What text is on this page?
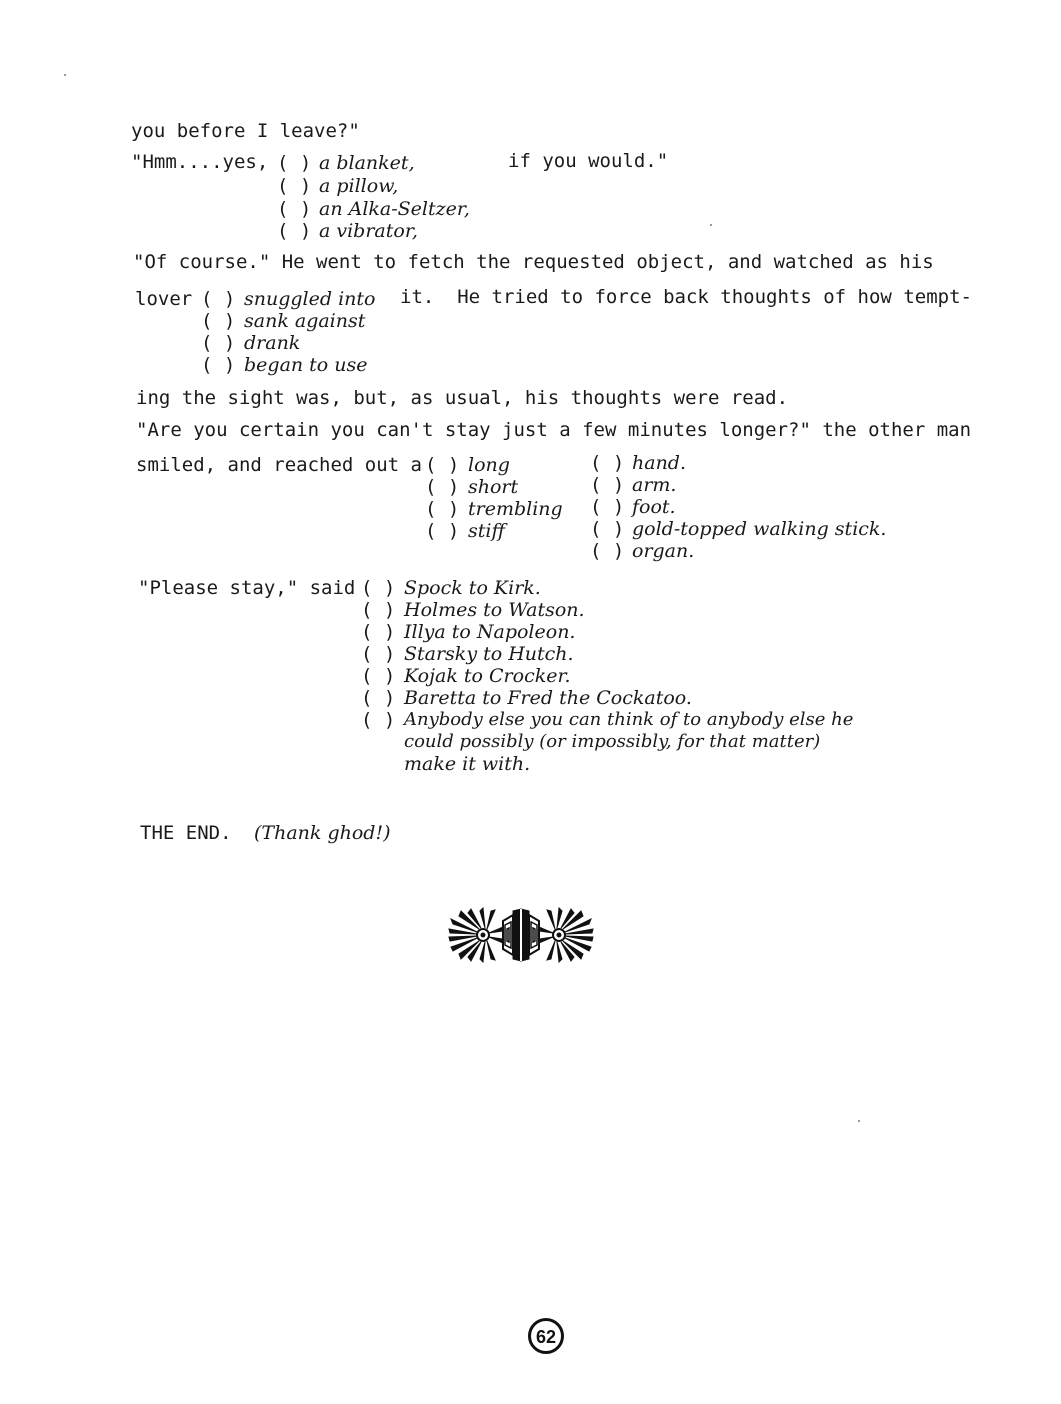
you before I leave?"
"Hmm....yes, ( ) a blanket,	if you would."
( ) a pillow,
( ) an Alka-Seltzer,
( ) a vibrator,
"Of course." He went to fetch the requested object, and watched as his
lover ( ) snuggled into it.  He tried to force back thoughts of how tempt-
( ) sank against
( ) drank
( ) began to use
ing the sight was, but, as usual, his thoughts were read.
"Are you certain you can't stay just a few minutes longer?" the other man
smiled, and reached out a ( ) long
( ) short
( ) trembling
( ) stiff
( ) hand.
( ) arm.
( ) foot.
( ) gold-topped walking stick.
( ) organ.
"Please stay," said ( ) Spock to Kirk.
( ) Holmes to Watson.
( ) Illya to Napoleon.
( ) Starsky to Hutch.
( ) Kojak to Crocker.
( ) Baretta to Fred the Cockatoo.
( ) Anybody else you can think of to anybody else he
could possibly (or impossibly, for that matter)
make it with.
THE END. (Thank ghod!)
62
